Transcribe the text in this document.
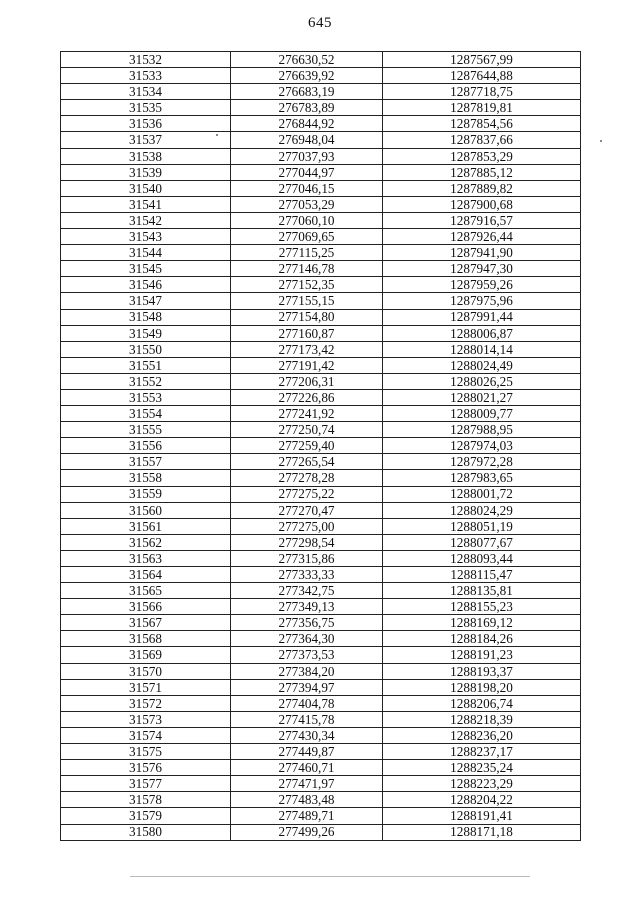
645
31532	276630,52	1287567,99
31533	276639,92	1287644,88
31534	276683,19	1287718,75
31535	276783,89	1287819,81
31536	276844,92	1287854,56
31537	276948,04	1287837,66
31538	277037,93	1287853,29
31539	277044,97	1287885,12
31540	277046,15	1287889,82
31541	277053,29	1287900,68
31542	277060,10	1287916,57
31543	277069,65	1287926,44
31544	277115,25	1287941,90
31545	277146,78	1287947,30
31546	277152,35	1287959,26
31547	277155,15	1287975,96
31548	277154,80	1287991,44
31549	277160,87	1288006,87
31550	277173,42	1288014,14
31551	277191,42	1288024,49
31552	277206,31	1288026,25
31553	277226,86	1288021,27
31554	277241,92	1288009,77
31555	277250,74	1287988,95
31556	277259,40	1287974,03
31557	277265,54	1287972,28
31558	277278,28	1287983,65
31559	277275,22	1288001,72
31560	277270,47	1288024,29
31561	277275,00	1288051,19
31562	277298,54	1288077,67
31563	277315,86	1288093,44
31564	277333,33	1288115,47
31565	277342,75	1288135,81
31566	277349,13	1288155,23
31567	277356,75	1288169,12
31568	277364,30	1288184,26
31569	277373,53	1288191,23
31570	277384,20	1288193,37
31571	277394,97	1288198,20
31572	277404,78	1288206,74
31573	277415,78	1288218,39
31574	277430,34	1288236,20
31575	277449,87	1288237,17
31576	277460,71	1288235,24
31577	277471,97	1288223,29
31578	277483,48	1288204,22
31579	277489,71	1288191,41
31580	277499,26	1288171,18
